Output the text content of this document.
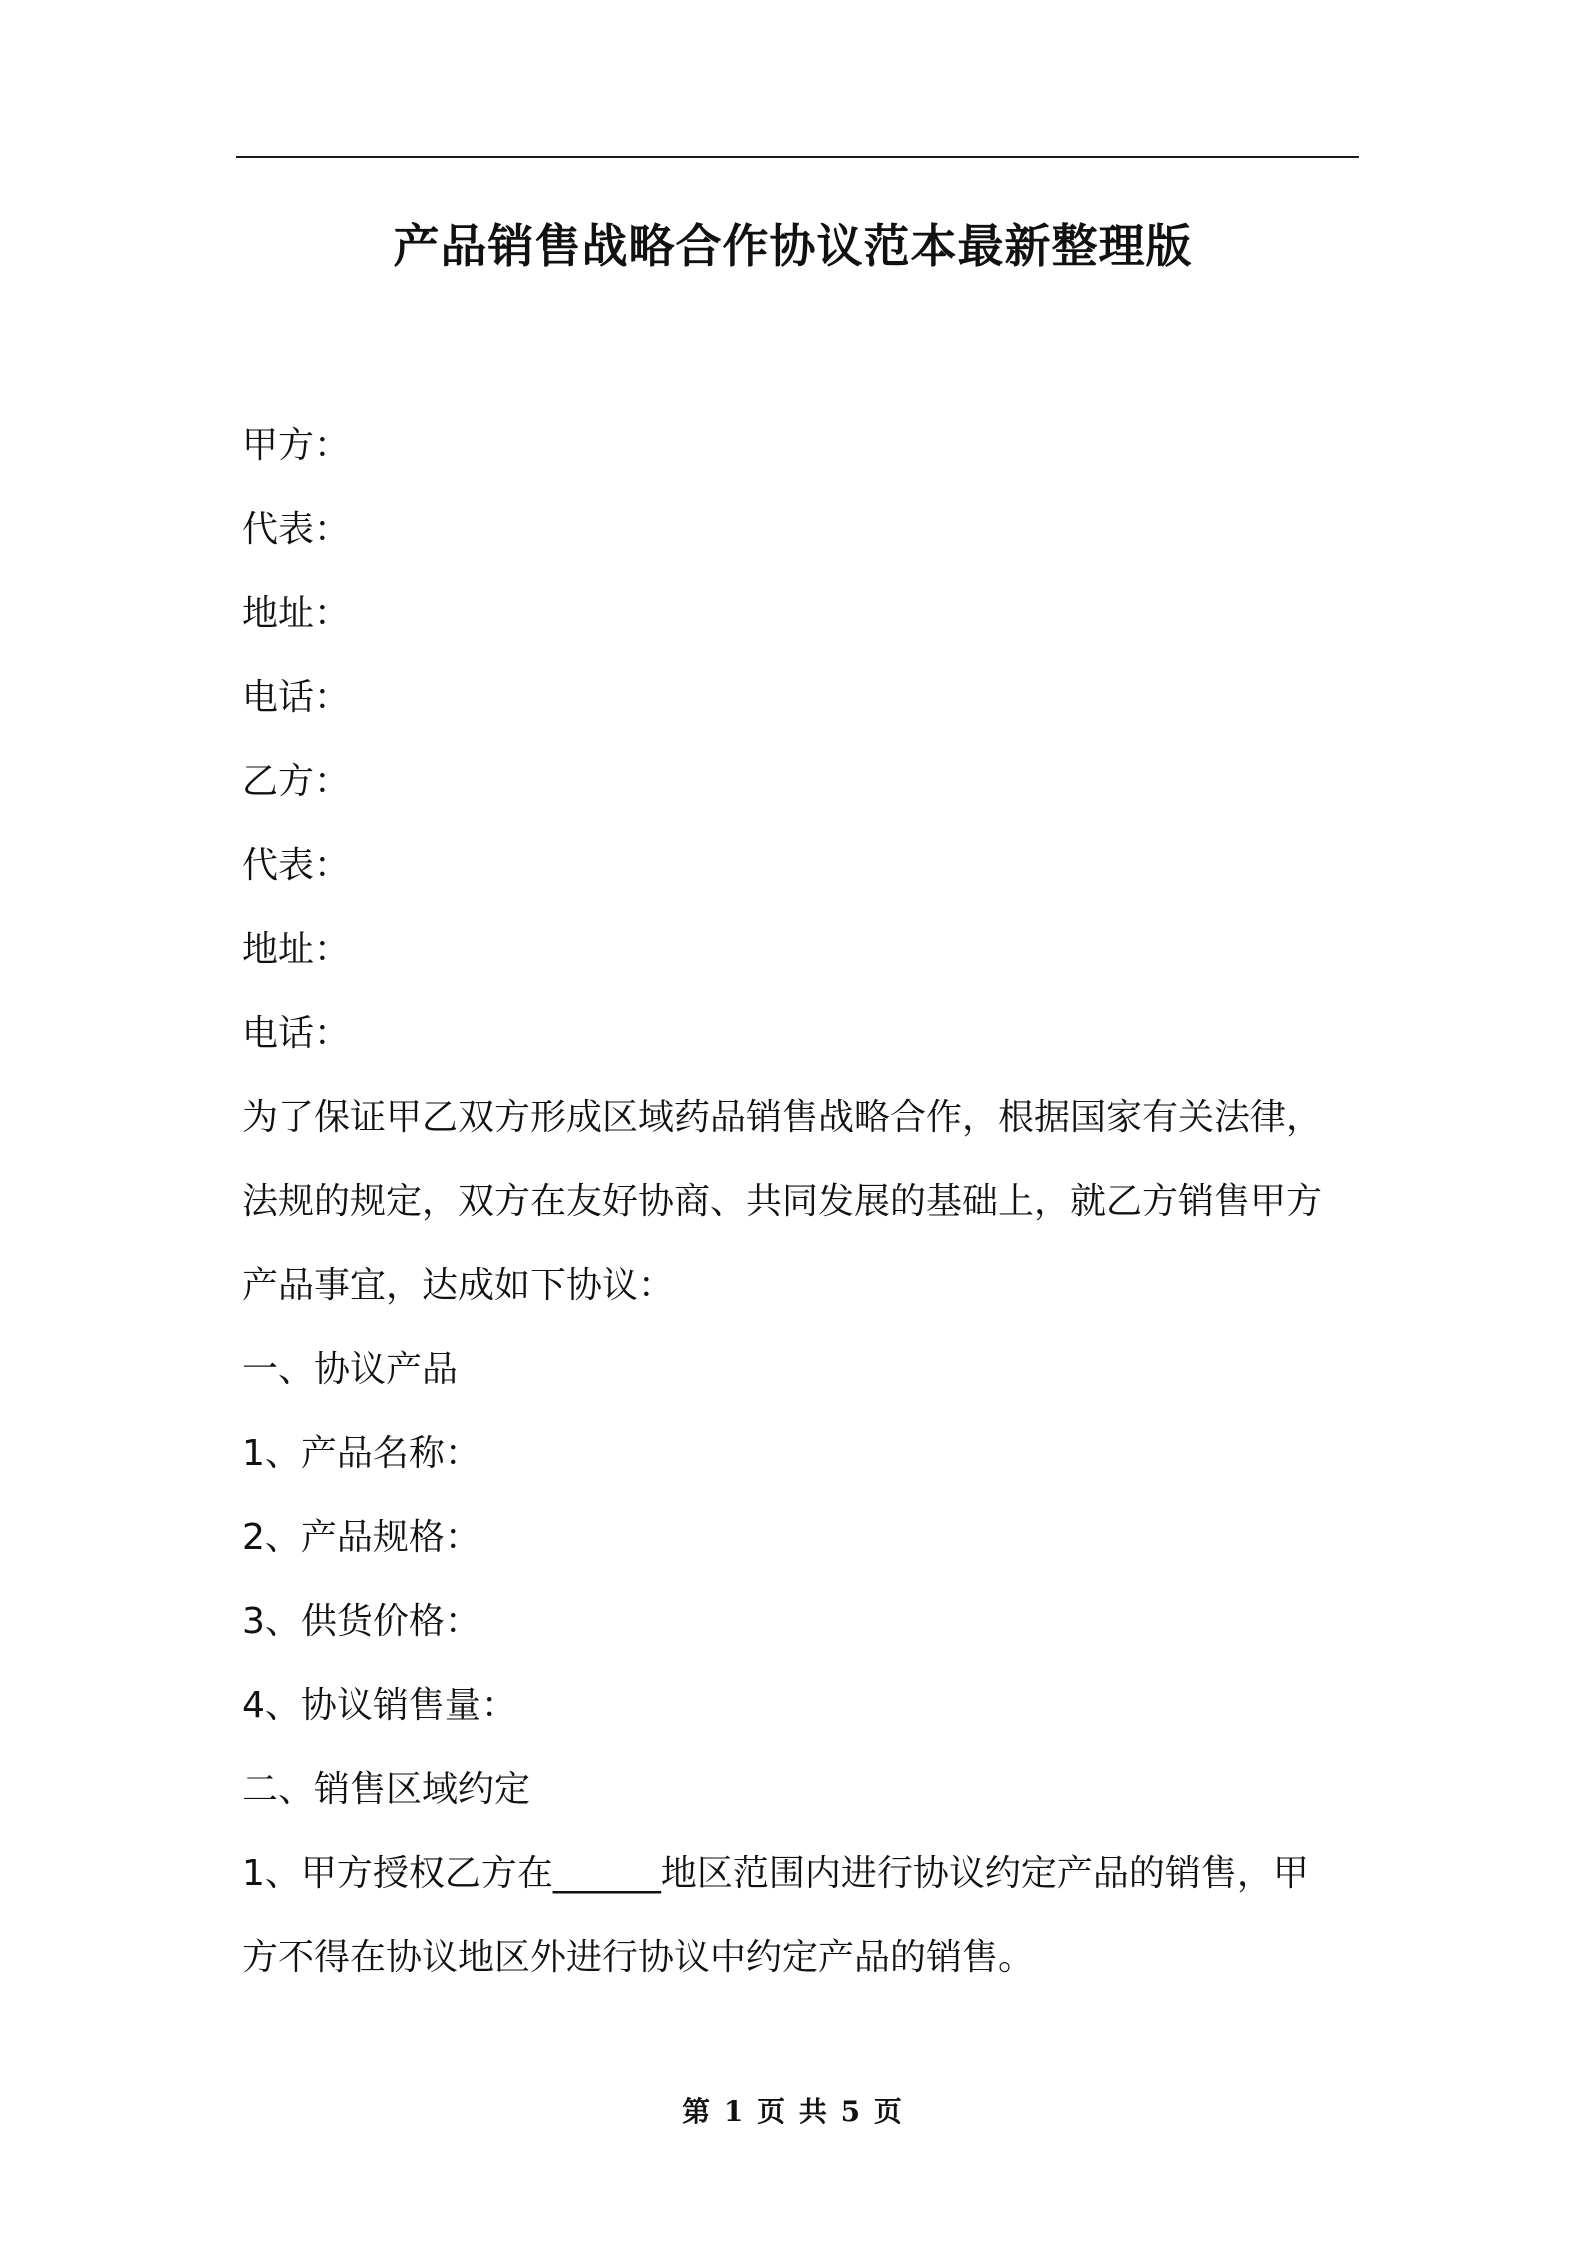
产品销售战略合作协议范本最新整理版
甲方：
代表：
地址：
电话：
乙方：
代表：
地址：
电话：
为了保证甲乙双方形成区域药品销售战略合作，根据国家有关法律，
法规的规定，双方在友好协商、共同发展的基础上，就乙方销售甲方
产品事宜，达成如下协议：
一、协议产品
1、产品名称：
2、产品规格：
3、供货价格：
4、协议销售量：
二、销售区域约定
1、甲方授权乙方在______地区范围内进行协议约定产品的销售，甲
方不得在协议地区外进行协议中约定产品的销售。
第 1 页 共 5 页
